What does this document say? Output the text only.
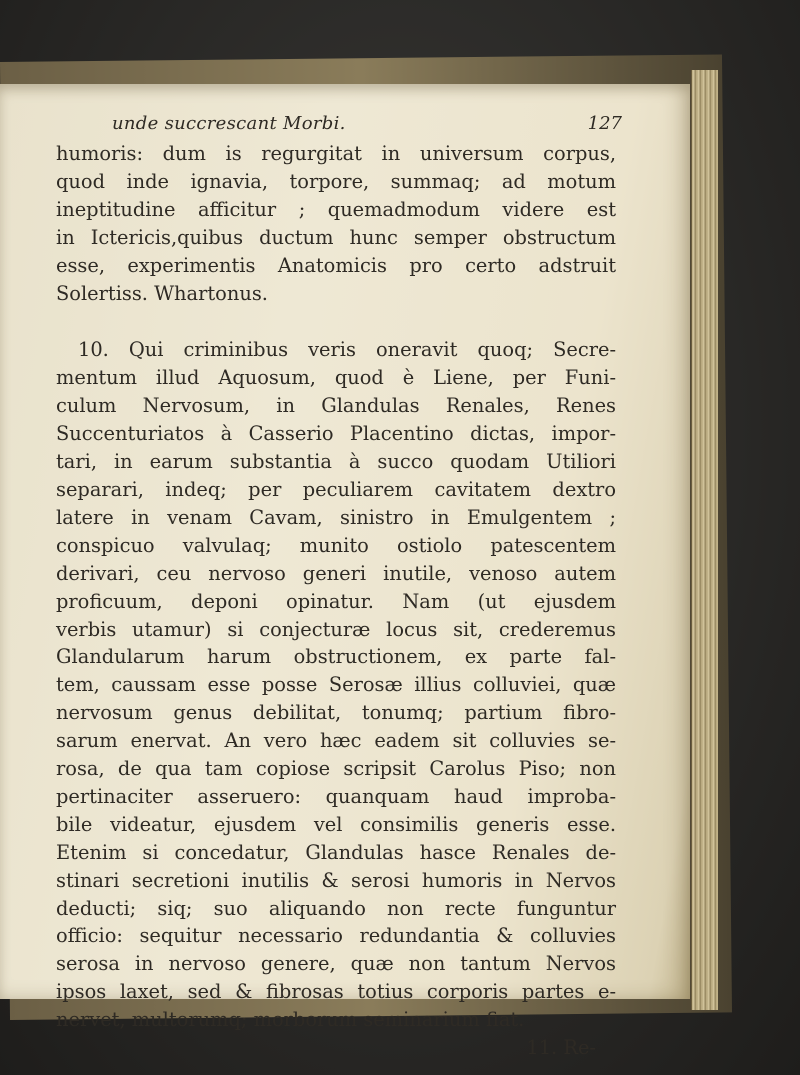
unde succrescant Morbi.	127

humoris: dum is regurgitat in universum corpus,

quod inde ignavia, torpore, summaq; ad motum

ineptitudine afficitur ; quemadmodum videre est

in Ictericis,quibus ductum hunc semper obstructum

esse, experimentis Anatomicis pro certo adstruit

Solertiss. Whartonus.

10. Qui criminibus veris oneravit quoq; Secre-

mentum illud Aquosum, quod è Liene, per Funi-

culum Nervosum, in Glandulas Renales, Renes

Succenturiatos à Casserio Placentino dictas, impor-

tari, in earum substantia à succo quodam Utiliori

separari, indeq; per peculiarem cavitatem dextro

latere in venam Cavam, sinistro in Emulgentem ;

conspicuo valvulaq; munito ostiolo patescentem

derivari, ceu nervoso generi inutile, venoso autem

proficuum, deponi opinatur. Nam (ut ejusdem

verbis utamur) si conjecturæ locus sit, crederemus

Glandularum harum obstructionem, ex parte fal-

tem, caussam esse posse Serosæ illius colluviei, quæ

nervosum genus debilitat, tonumq; partium fibro-

sarum enervat. An vero hæc eadem sit colluvies se-

rosa, de qua tam copiose scripsit Carolus Piso; non

pertinaciter asseruero: quanquam haud improba-

bile videatur, ejusdem vel consimilis generis esse.

Etenim si concedatur, Glandulas hasce Renales de-

stinari secretioni inutilis & serosi humoris in Nervos

deducti; siq; suo aliquando non recte funguntur

officio: sequitur necessario redundantia & colluvies

serosa in nervoso genere, quæ non tantum Nervos

ipsos laxet, sed & fibrosas totius corporis partes e-

nervet, multorumq; morborum seminarium fiat.

11. Re-
